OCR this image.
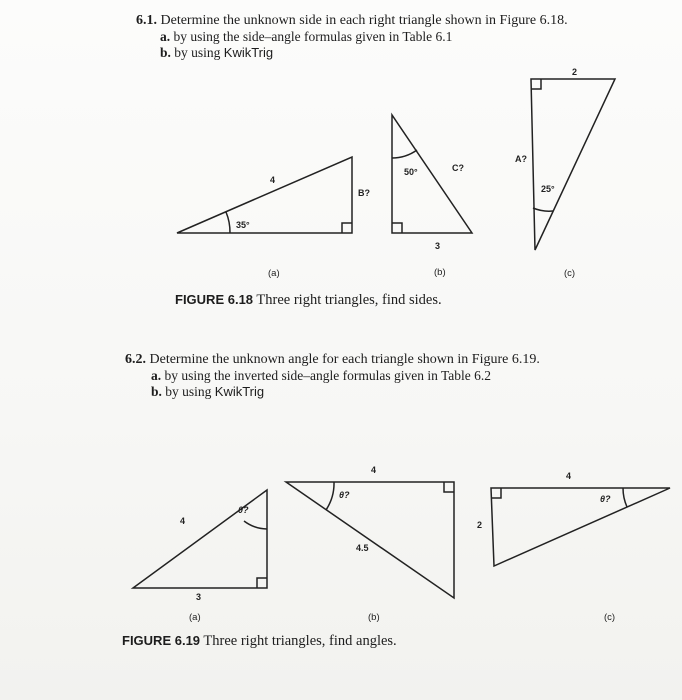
6.1. Determine the unknown side in each right triangle shown in Figure 6.18.
a. by using the side–angle formulas given in Table 6.1
b. by using KwikTrig
4
35°
B?
50°	C?
3
2
A?
25°
(a)	(b)	(c)
4
θ?
3
4
θ?
2
4.5
4
θ?
(a)	(b)	(c)
FIGURE 6.18 Three right triangles, find sides.
6.2. Determine the unknown angle for each triangle shown in Figure 6.19.
a. by using the inverted side–angle formulas given in Table 6.2
b. by using KwikTrig
FIGURE 6.19 Three right triangles, find angles.
